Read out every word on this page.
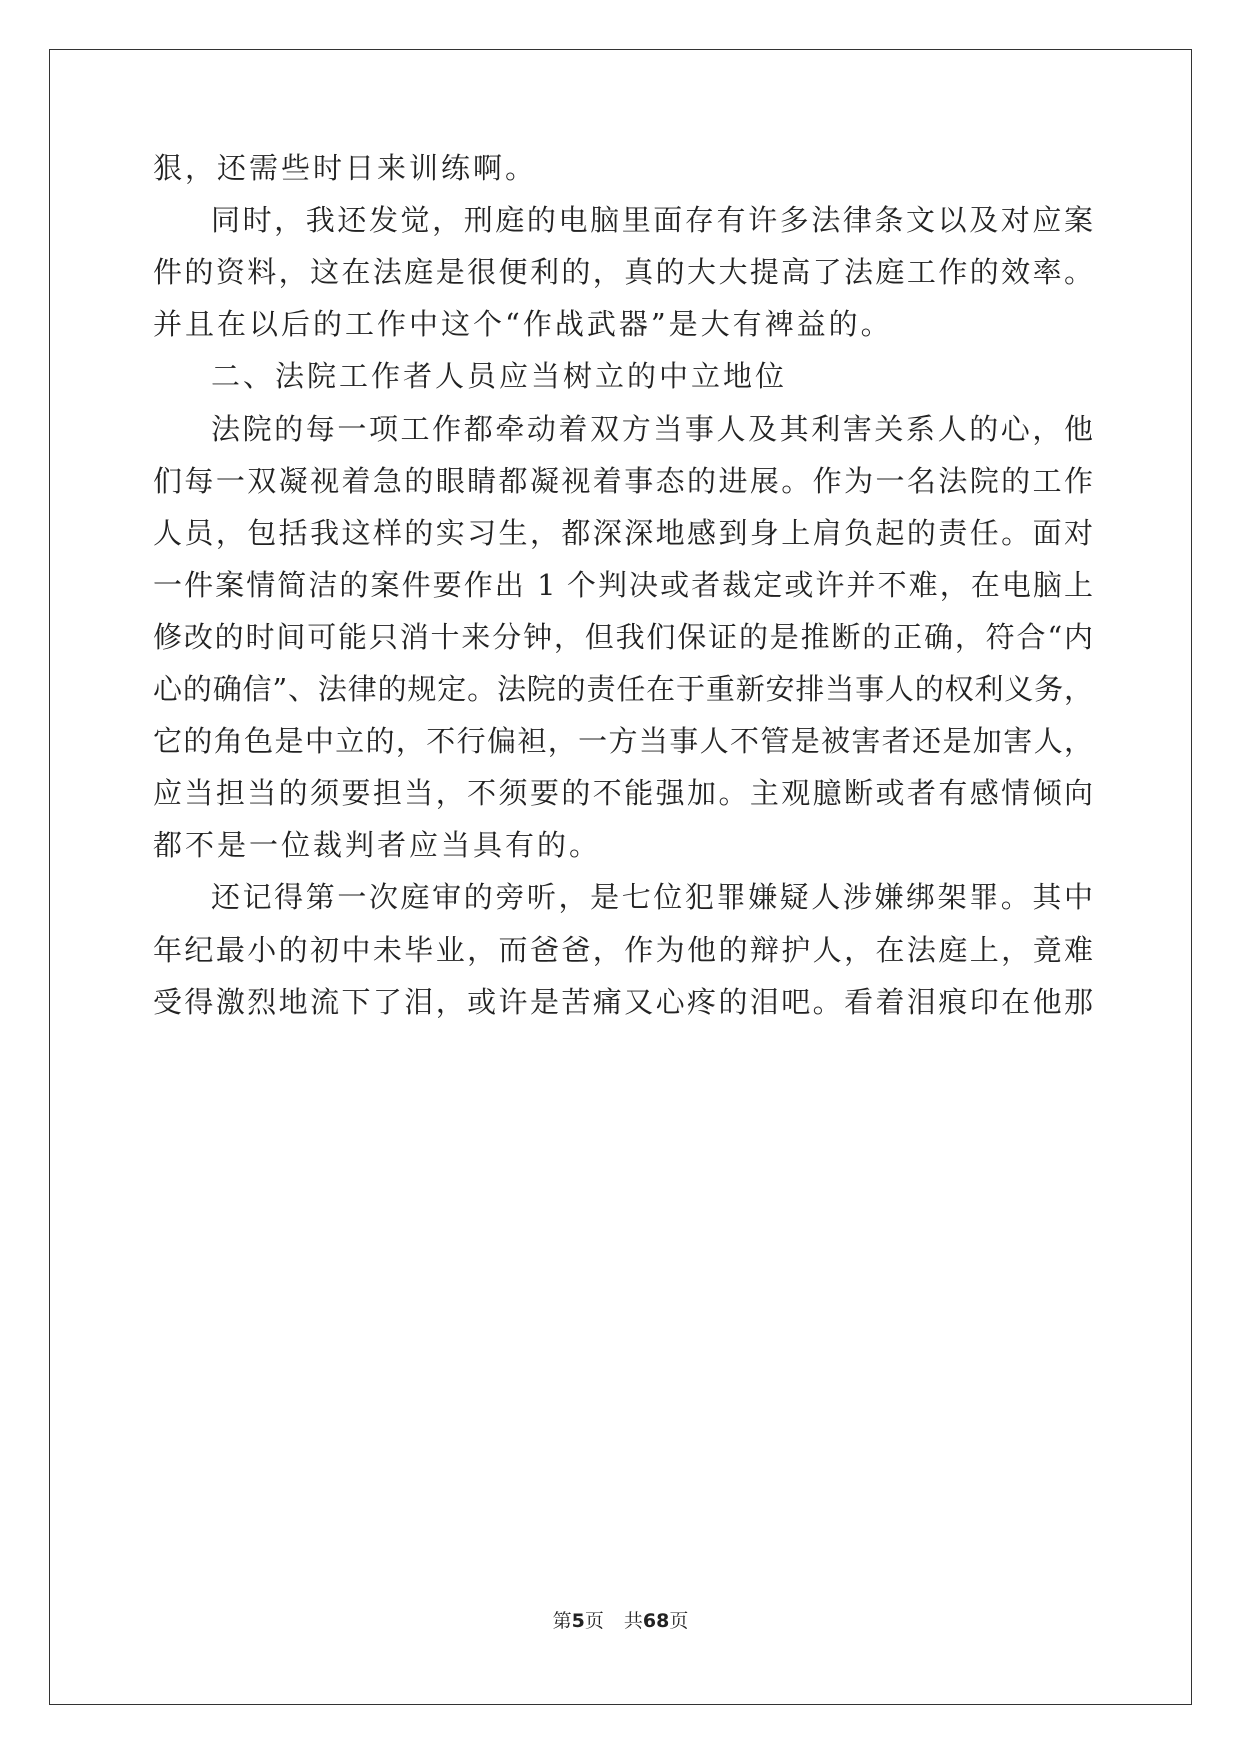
狠，还需些时日来训练啊。
同时，我还发觉，刑庭的电脑里面存有许多法律条文以及对应案
件的资料，这在法庭是很便利的，真的大大提高了法庭工作的效率。
并且在以后的工作中这个“作战武器”是大有裨益的。
二、法院工作者人员应当树立的中立地位
法院的每一项工作都牵动着双方当事人及其利害关系人的心，他
们每一双凝视着急的眼睛都凝视着事态的进展。作为一名法院的工作
人员，包括我这样的实习生，都深深地感到身上肩负起的责任。面对
一件案情简洁的案件要作出 1 个判决或者裁定或许并不难，在电脑上
修改的时间可能只消十来分钟，但我们保证的是推断的正确，符合“内
心的确信”、法律的规定。法院的责任在于重新安排当事人的权利义务，
它的角色是中立的，不行偏袒，一方当事人不管是被害者还是加害人，
应当担当的须要担当，不须要的不能强加。主观臆断或者有感情倾向
都不是一位裁判者应当具有的。
还记得第一次庭审的旁听，是七位犯罪嫌疑人涉嫌绑架罪。其中
年纪最小的初中未毕业，而爸爸，作为他的辩护人，在法庭上，竟难
受得激烈地流下了泪，或许是苦痛又心疼的泪吧。看着泪痕印在他那
第5页 共68页
